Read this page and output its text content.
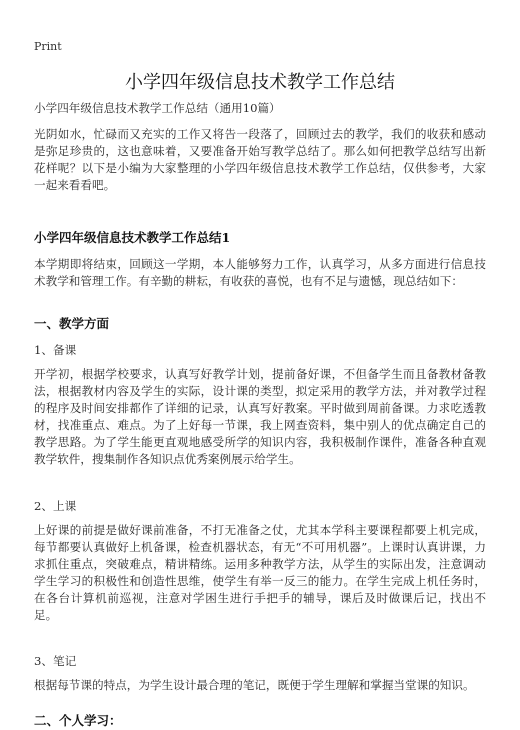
Print
小学四年级信息技术教学工作总结

小学四年级信息技术教学工作总结（通用10篇）

光阴如水，忙碌而又充实的工作又将告一段落了，回顾过去的教学，我们的收获和感动是弥足珍贵的，这也意味着，又要准备开始写教学总结了。那么如何把教学总结写出新花样呢？以下是小编为大家整理的小学四年级信息技术教学工作总结，仅供参考，大家一起来看看吧。

小学四年级信息技术教学工作总结1

本学期即将结束，回顾这一学期，本人能够努力工作，认真学习，从多方面进行信息技术教学和管理工作。有辛勤的耕耘，有收获的喜悦，也有不足与遗憾，现总结如下：

一、教学方面

1、备课

开学初，根据学校要求，认真写好教学计划，提前备好课，不但备学生而且备教材备教法，根据教材内容及学生的实际，设计课的类型，拟定采用的教学方法，并对教学过程的程序及时间安排都作了详细的记录，认真写好教案。平时做到周前备课。力求吃透教材，找准重点、难点。为了上好每一节课，我上网查资料，集中别人的优点确定自己的教学思路。为了学生能更直观地感受所学的知识内容，我积极制作课件，准备各种直观教学软件，搜集制作各知识点优秀案例展示给学生。

2、上课

上好课的前提是做好课前准备，不打无准备之仗，尤其本学科主要课程都要上机完成，每节都要认真做好上机备课，检查机器状态，有无“不可用机器”。上课时认真讲课，力求抓住重点，突破难点，精讲精练。运用多种教学方法，从学生的实际出发，注意调动学生学习的积极性和创造性思维，使学生有举一反三的能力。在学生完成上机任务时，在各台计算机前巡视，注意对学困生进行手把手的辅导，课后及时做课后记，找出不足。

3、笔记

根据每节课的特点，为学生设计最合理的笔记，既便于学生理解和掌握当堂课的知识。

二、个人学习：
